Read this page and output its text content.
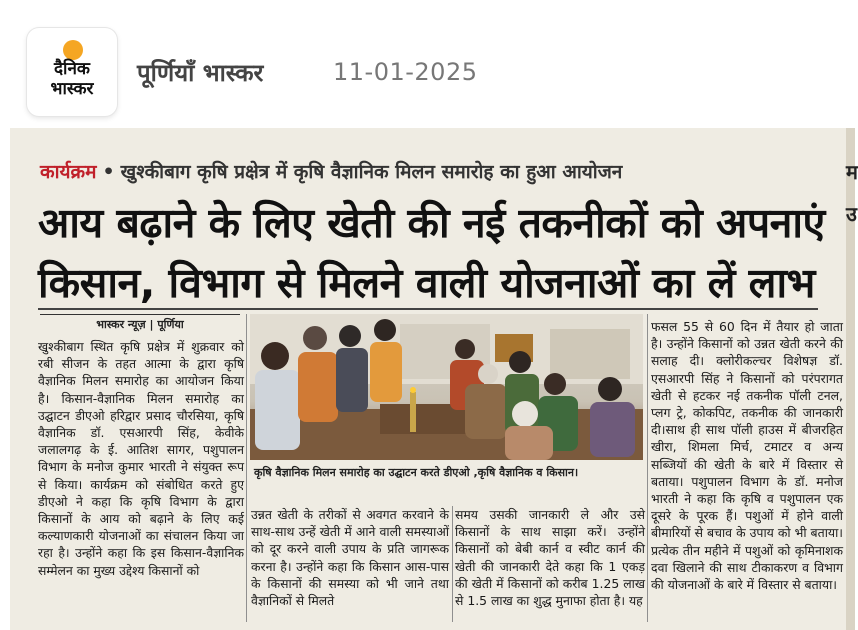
दैनिक
भास्कर
पूर्णियाँ भास्कर	11-01-2025
कार्यक्रम • खुश्कीबाग कृषि प्रक्षेत्र में कृषि वैज्ञानिक मिलन समारोह का हुआ आयोजन
आय बढ़ाने के लिए खेती की नई तकनीकों को अपनाएं
किसान, विभाग से मिलने वाली योजनाओं का लें लाभ
भास्कर न्यूज़ | पूर्णिया

खुश्कीबाग स्थित कृषि प्रक्षेत्र में शुक्रवार को रबी सीजन के तहत आत्मा के द्वारा कृषि वैज्ञानिक मिलन समारोह का आयोजन किया है। किसान-वैज्ञानिक मिलन समारोह का उद्घाटन डीएओ हरिद्वार प्रसाद चौरसिया, कृषि वैज्ञानिक डॉ. एसआरपी सिंह, केवीके जलालगढ़ के ई. आतिश सागर, पशुपालन विभाग के मनोज कुमार भारती ने संयुक्त रूप से किया। कार्यक्रम को संबोधित करते हुए डीएओ ने कहा कि कृषि विभाग के द्वारा किसानों के आय को बढ़ाने के लिए कई कल्याणकारी योजनाओं का संचालन किया जा रहा है। उन्होंने कहा कि इस किसान-वैज्ञानिक सम्मेलन का मुख्य उद्देश्य किसानों को

कृषि वैज्ञानिक मिलन समारोह का उद्घाटन करते डीएओ ,कृषि वैज्ञानिक व किसान।

उन्नत खेती के तरीकों से अवगत करवाने के साथ-साथ उन्हें खेती में आने वाली समस्याओं को दूर करने वाली उपाय के प्रति जागरूक करना है। उन्होंने कहा कि किसान आस-पास के किसानों की समस्या को भी जाने तथा वैज्ञानिकों से मिलते

समय उसकी जानकारी ले और उसे किसानों के साथ साझा करें। उन्होंने किसानों को बेबी कार्न व स्वीट कार्न की खेती की जानकारी देते कहा कि 1 एकड़ की खेती में किसानों को करीब 1.25 लाख से 1.5 लाख का शुद्ध मुनाफा होता है। यह

फसल 55 से 60 दिन में तैयार हो जाता है। उन्होंने किसानों को उन्नत खेती करने की सलाह दी। क्लोरीकल्चर विशेषज्ञ डॉ. एसआरपी सिंह ने किसानों को परंपरागत खेती से हटकर नई तकनीक पॉली टनल, प्लग ट्रे, कोकपिट, तकनीक की जानकारी दी।साथ ही साथ पॉली हाउस में बीजरहित खीरा, शिमला मिर्च, टमाटर व अन्य सब्जियों की खेती के बारे में विस्तार से बताया। पशुपालन विभाग के डॉ. मनोज भारती ने कहा कि कृषि व पशुपालन एक दूसरे के पूरक हैं। पशुओं में होने वाली बीमारियों से बचाव के उपाय को भी बताया। प्रत्येक तीन महीने में पशुओं को कृमिनाशक दवा खिलाने की साथ टीकाकरण व विभाग की योजनाओं के बारे में विस्तार से बताया।

म
उ
